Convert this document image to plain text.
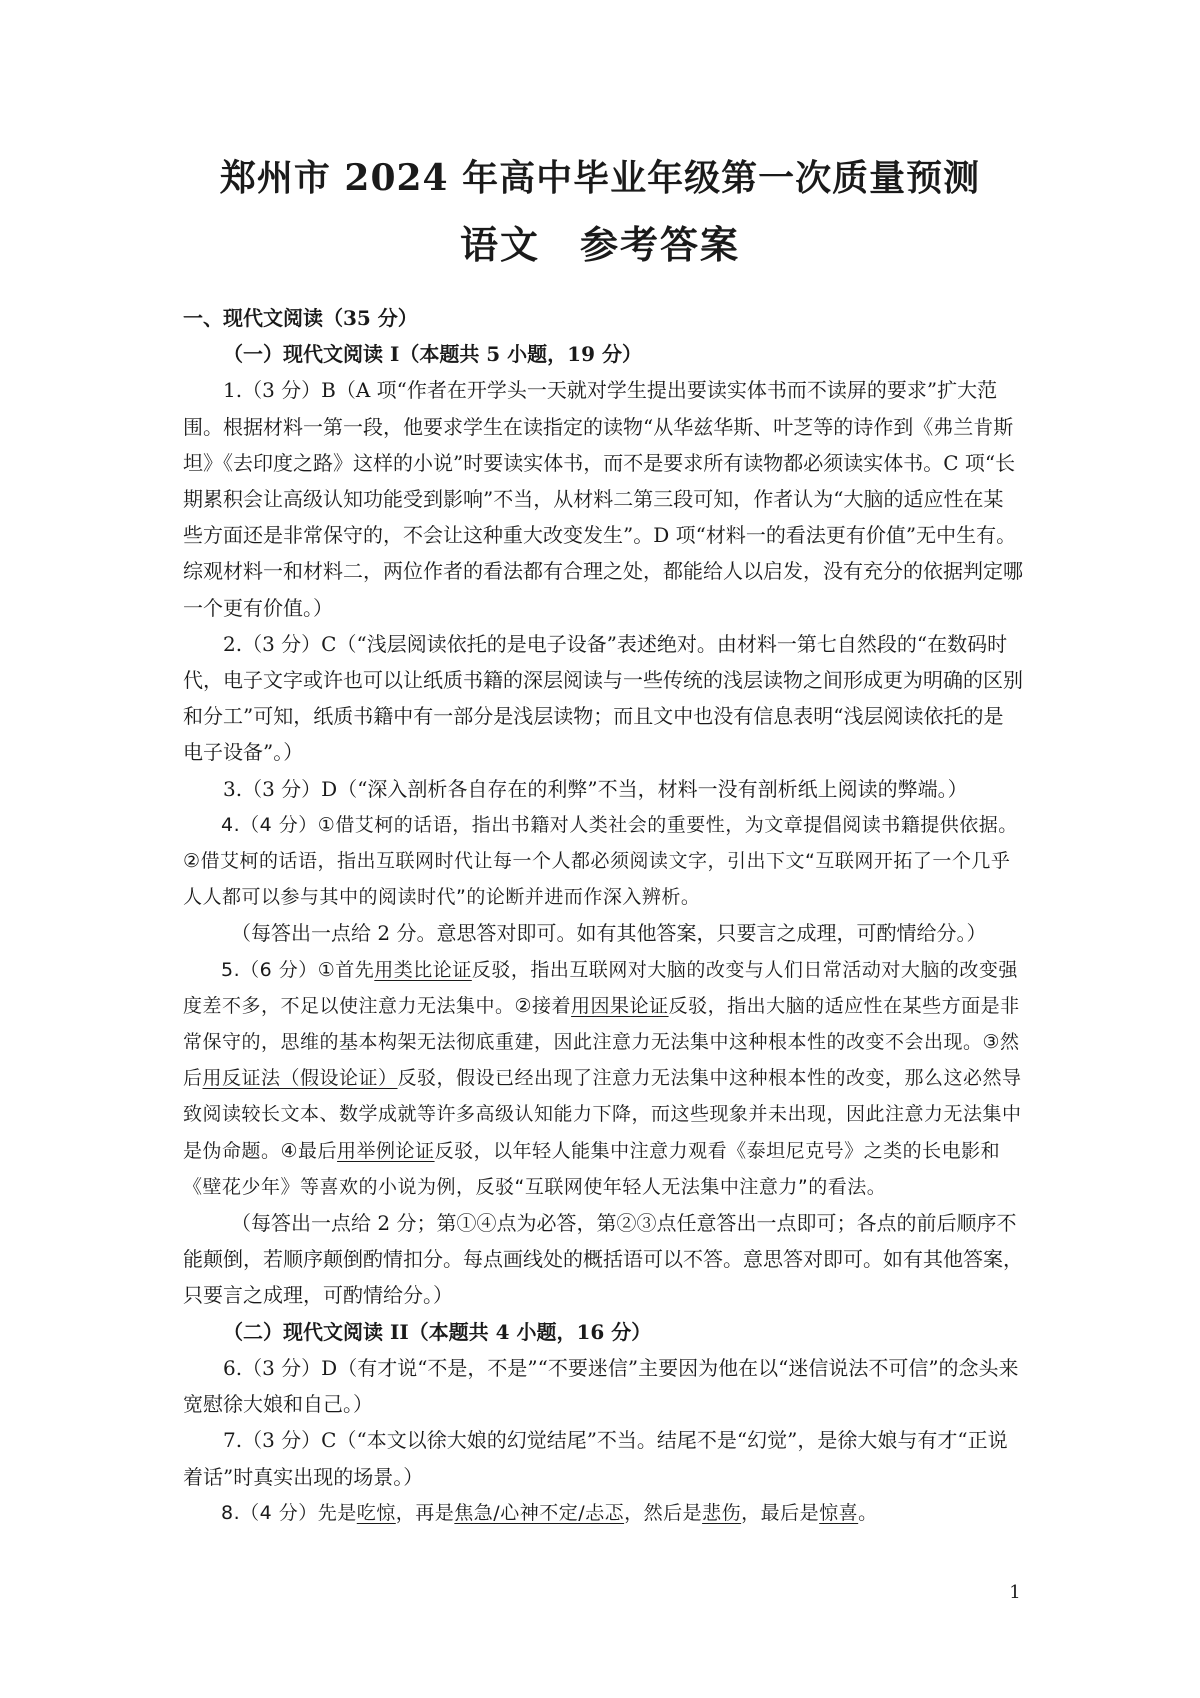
郑州市 2024 年高中毕业年级第一次质量预测
语文　参考答案

一、现代文阅读（35 分）

（一）现代文阅读 I（本题共 5 小题，19 分）

1.（3 分）B（A 项“作者在开学头一天就对学生提出要读实体书而不读屏的要求”扩大范围。根据材料一第一段，他要求学生在读指定的读物“从华兹华斯、叶芝等的诗作到《弗兰肯斯坦》《去印度之路》这样的小说”时要读实体书，而不是要求所有读物都必须读实体书。C 项“长期累积会让高级认知功能受到影响”不当，从材料二第三段可知，作者认为“大脑的适应性在某些方面还是非常保守的，不会让这种重大改变发生”。D 项“材料一的看法更有价值”无中生有。综观材料一和材料二，两位作者的看法都有合理之处，都能给人以启发，没有充分的依据判定哪一个更有价值。）

2.（3 分）C（“浅层阅读依托的是电子设备”表述绝对。由材料一第七自然段的“在数码时代，电子文字或许也可以让纸质书籍的深层阅读与一些传统的浅层读物之间形成更为明确的区别和分工”可知，纸质书籍中有一部分是浅层读物；而且文中也没有信息表明“浅层阅读依托的是电子设备”。）

3.（3 分）D（“深入剖析各自存在的利弊”不当，材料一没有剖析纸上阅读的弊端。）

4.（4 分）①借艾柯的话语，指出书籍对人类社会的重要性，为文章提倡阅读书籍提供依据。②借艾柯的话语，指出互联网时代让每一个人都必须阅读文字，引出下文“互联网开拓了一个几乎人人都可以参与其中的阅读时代”的论断并进而作深入辨析。

（每答出一点给 2 分。意思答对即可。如有其他答案，只要言之成理，可酌情给分。）

5.（6 分）①首先用类比论证反驳，指出互联网对大脑的改变与人们日常活动对大脑的改变强度差不多，不足以使注意力无法集中。②接着用因果论证反驳，指出大脑的适应性在某些方面是非常保守的，思维的基本构架无法彻底重建，因此注意力无法集中这种根本性的改变不会出现。③然后用反证法（假设论证）反驳，假设已经出现了注意力无法集中这种根本性的改变，那么这必然导致阅读较长文本、数学成就等许多高级认知能力下降，而这些现象并未出现，因此注意力无法集中是伪命题。④最后用举例论证反驳，以年轻人能集中注意力观看《泰坦尼克号》之类的长电影和《壁花少年》等喜欢的小说为例，反驳“互联网使年轻人无法集中注意力”的看法。

（每答出一点给 2 分；第①④点为必答，第②③点任意答出一点即可；各点的前后顺序不能颠倒，若顺序颠倒酌情扣分。每点画线处的概括语可以不答。意思答对即可。如有其他答案，只要言之成理，可酌情给分。）

（二）现代文阅读 II（本题共 4 小题，16 分）

6.（3 分）D（有才说“不是，不是”“不要迷信”主要因为他在以“迷信说法不可信”的念头来宽慰徐大娘和自己。）

7.（3 分）C（“本文以徐大娘的幻觉结尾”不当。结尾不是“幻觉”，是徐大娘与有才“正说着话”时真实出现的场景。）

8.（4 分）先是吃惊，再是焦急/心神不定/忐忑，然后是悲伤，最后是惊喜。

1
